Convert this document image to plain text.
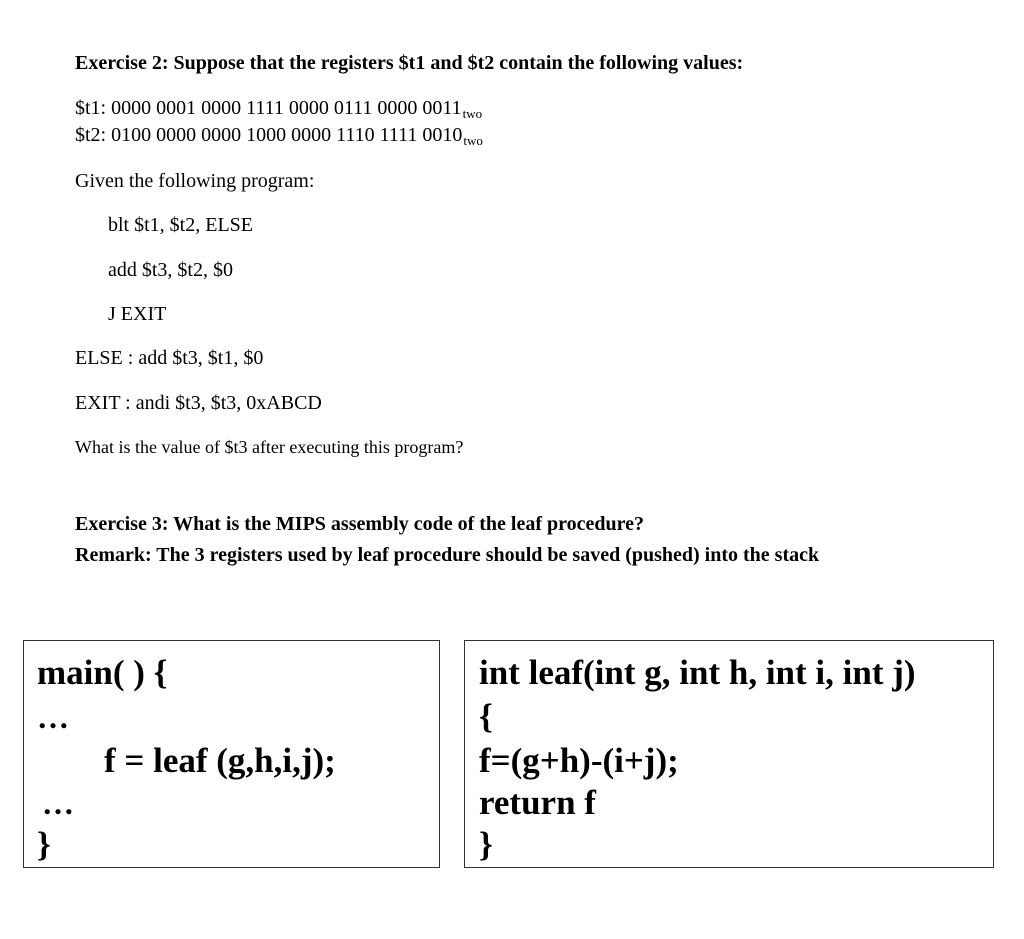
Exercise 2: Suppose that the registers $t1 and $t2 contain the following values:
$t1: 0000 0001 0000 1111 0000 0111 0000 $0011_{two}$
$t2: 0100 0000 0000 1000 0000 1110 1111 $0010_{two}$
Given the following program:
blt $t1, $t2, ELSE
add $t3, $t2, $0
J EXIT
ELSE : add $t3, $t1, $0
EXIT : andi $t3, $t3, 0xABCD
What is the value of $t3 after executing this program?
Exercise 3: What is the MIPS assembly code of the leaf procedure?
Remark: The 3 registers used by leaf procedure should be saved (pushed) into the stack
main( ) {
…
f = leaf (g,h,i,j);
…
}
int leaf(int g, int h, int i, int j)
{
f=(g+h)-(i+j);
return f
}
